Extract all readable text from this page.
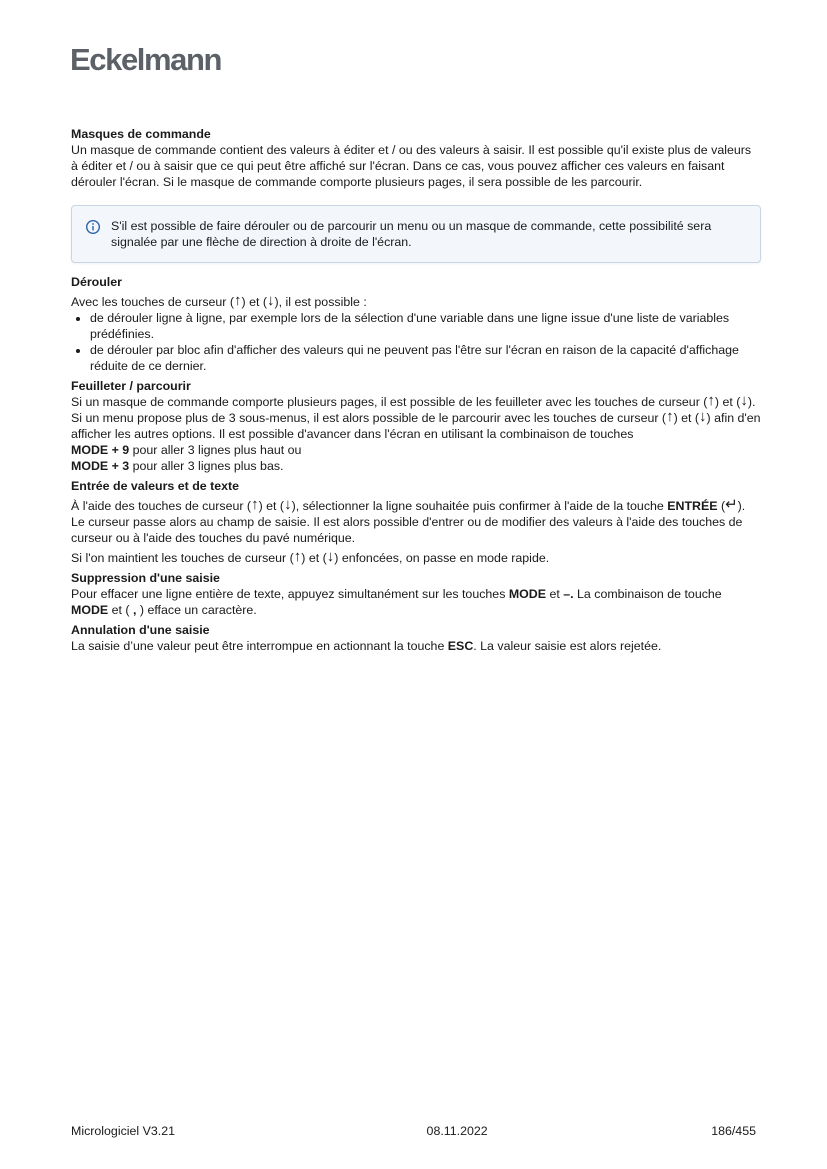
Eckelmann
Masques de commande

Un masque de commande contient des valeurs à éditer et / ou des valeurs à saisir. Il est possible qu'il existe plus de valeurs à éditer et / ou à saisir que ce qui peut être affiché sur l'écran. Dans ce cas, vous pouvez afficher ces valeurs en faisant dérouler l'écran. Si le masque de commande comporte plusieurs pages, il sera possible de les parcourir.

S'il est possible de faire dérouler ou de parcourir un menu ou un masque de commande, cette possibilité sera signalée par une flèche de direction à droite de l'écran.

Dérouler

Avec les touches de curseur (↑) et (↓), il est possible :

• de dérouler ligne à ligne, par exemple lors de la sélection d'une variable dans une ligne issue d'une liste de variables prédéfinies.
• de dérouler par bloc afin d'afficher des valeurs qui ne peuvent pas l'être sur l'écran en raison de la capacité d'affichage réduite de ce dernier.
Feuilleter / parcourir

Si un masque de commande comporte plusieurs pages, il est possible de les feuilleter avec les touches de curseur (↑) et (↓). Si un menu propose plus de 3 sous-menus, il est alors possible de le parcourir avec les touches de curseur (↑) et (↓) afin d'en afficher les autres options. Il est possible d'avancer dans l'écran en utilisant la combinaison de touches
MODE + 9 pour aller 3 lignes plus haut ou
MODE + 3 pour aller 3 lignes plus bas.

Entrée de valeurs et de texte

À l'aide des touches de curseur (↑) et (↓), sélectionner la ligne souhaitée puis confirmer à l'aide de la touche ENTRÉE (↵). Le curseur passe alors au champ de saisie. Il est alors possible d'entrer ou de modifier des valeurs à l'aide des touches de curseur ou à l'aide des touches du pavé numérique.

Si l'on maintient les touches de curseur (↑) et (↓) enfoncées, on passe en mode rapide.

Suppression d'une saisie

Pour effacer une ligne entière de texte, appuyez simultanément sur les touches MODE et –. La combinaison de touche MODE et ( , ) efface un caractère.

Annulation d'une saisie

La saisie d’une valeur peut être interrompue en actionnant la touche ESC. La valeur saisie est alors rejetée.

Micrologiciel V3.21	08.11.2022	186/455
